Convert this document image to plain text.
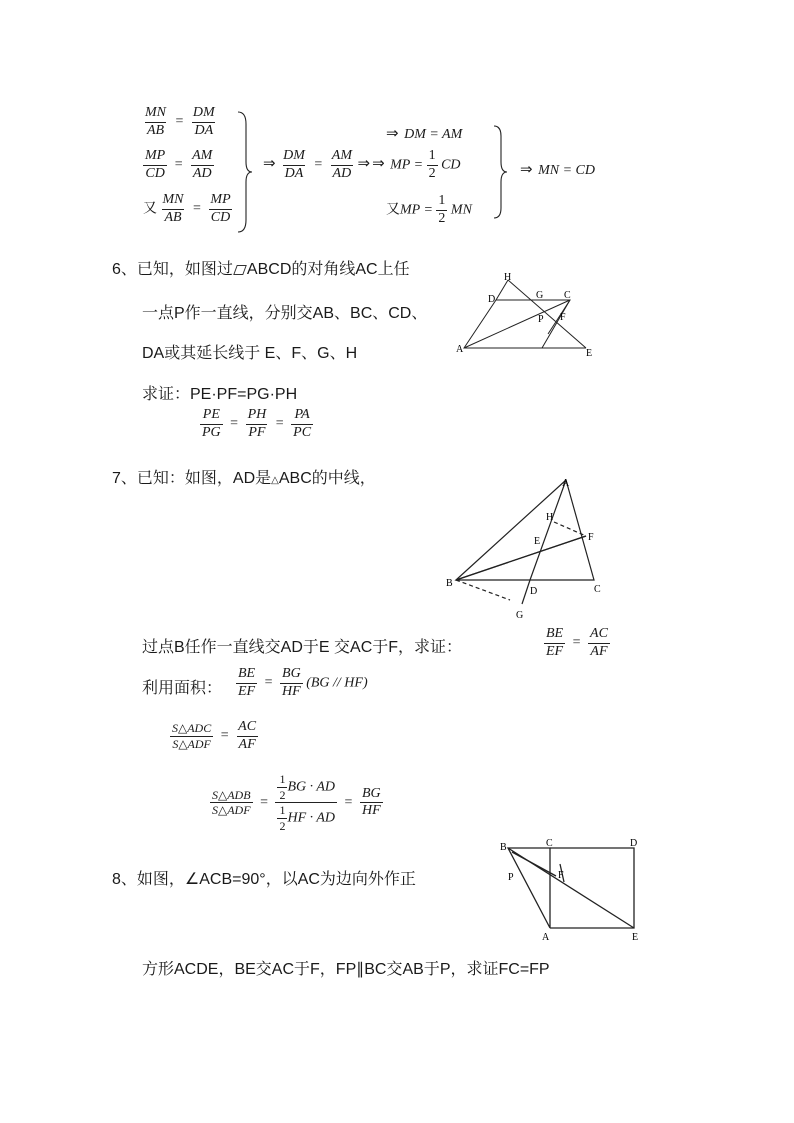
$\frac{MN}{AB} = \frac{DM}{DA}$
$\frac{MP}{CD} = \frac{AM}{AD}$
又 $\frac{MN}{AB} = \frac{MP}{CD}$
⇒ $\frac{DM}{DA} = \frac{AM}{AD}$ ⇒ ⇒ MP = $\frac{1}{2}$ CD
⇒ DM = AM
又MP = $\frac{1}{2}$ MN
⇒ MN = CD
6、已知，如图过 ABCD的对角线AC上任
一点P作一直线，分别交AB、BC、CD、
DA或其延长线于 E、F、G、H
求证：PE·PF=PG·PH
$\frac{PE}{PG} = \frac{PH}{PF} = \frac{PA}{PC}$
H
D	G C
P F
A	E
7、已知：如图，AD是△ABC的中线，	A
H
F
E
B
D	C
G
过点B任作一直线交AD于E 交AC于F，求证：	$\frac{BE}{EF} = \frac{AC}{AF}$
利用面积： $\frac{BE}{EF} = \frac{BG}{HF} (BG // HF)$
$\frac{\text{S△ADC}}{\text{S△ADF}} = \frac{AC}{AF}$
$\frac{\text{S△ADB}}{\text{S△ADF}} = \frac{\frac{1}{2} BG \cdot AD}{\frac{1}{2} HF \cdot AD} = \frac{BG}{HF}$
8、如图，∠ACB=90°，以AC为边向外作正
B	C	D
P	F
A	E
方形ACDE，BE交AC于F，FP∥BC交AB于P，求证FC=FP
